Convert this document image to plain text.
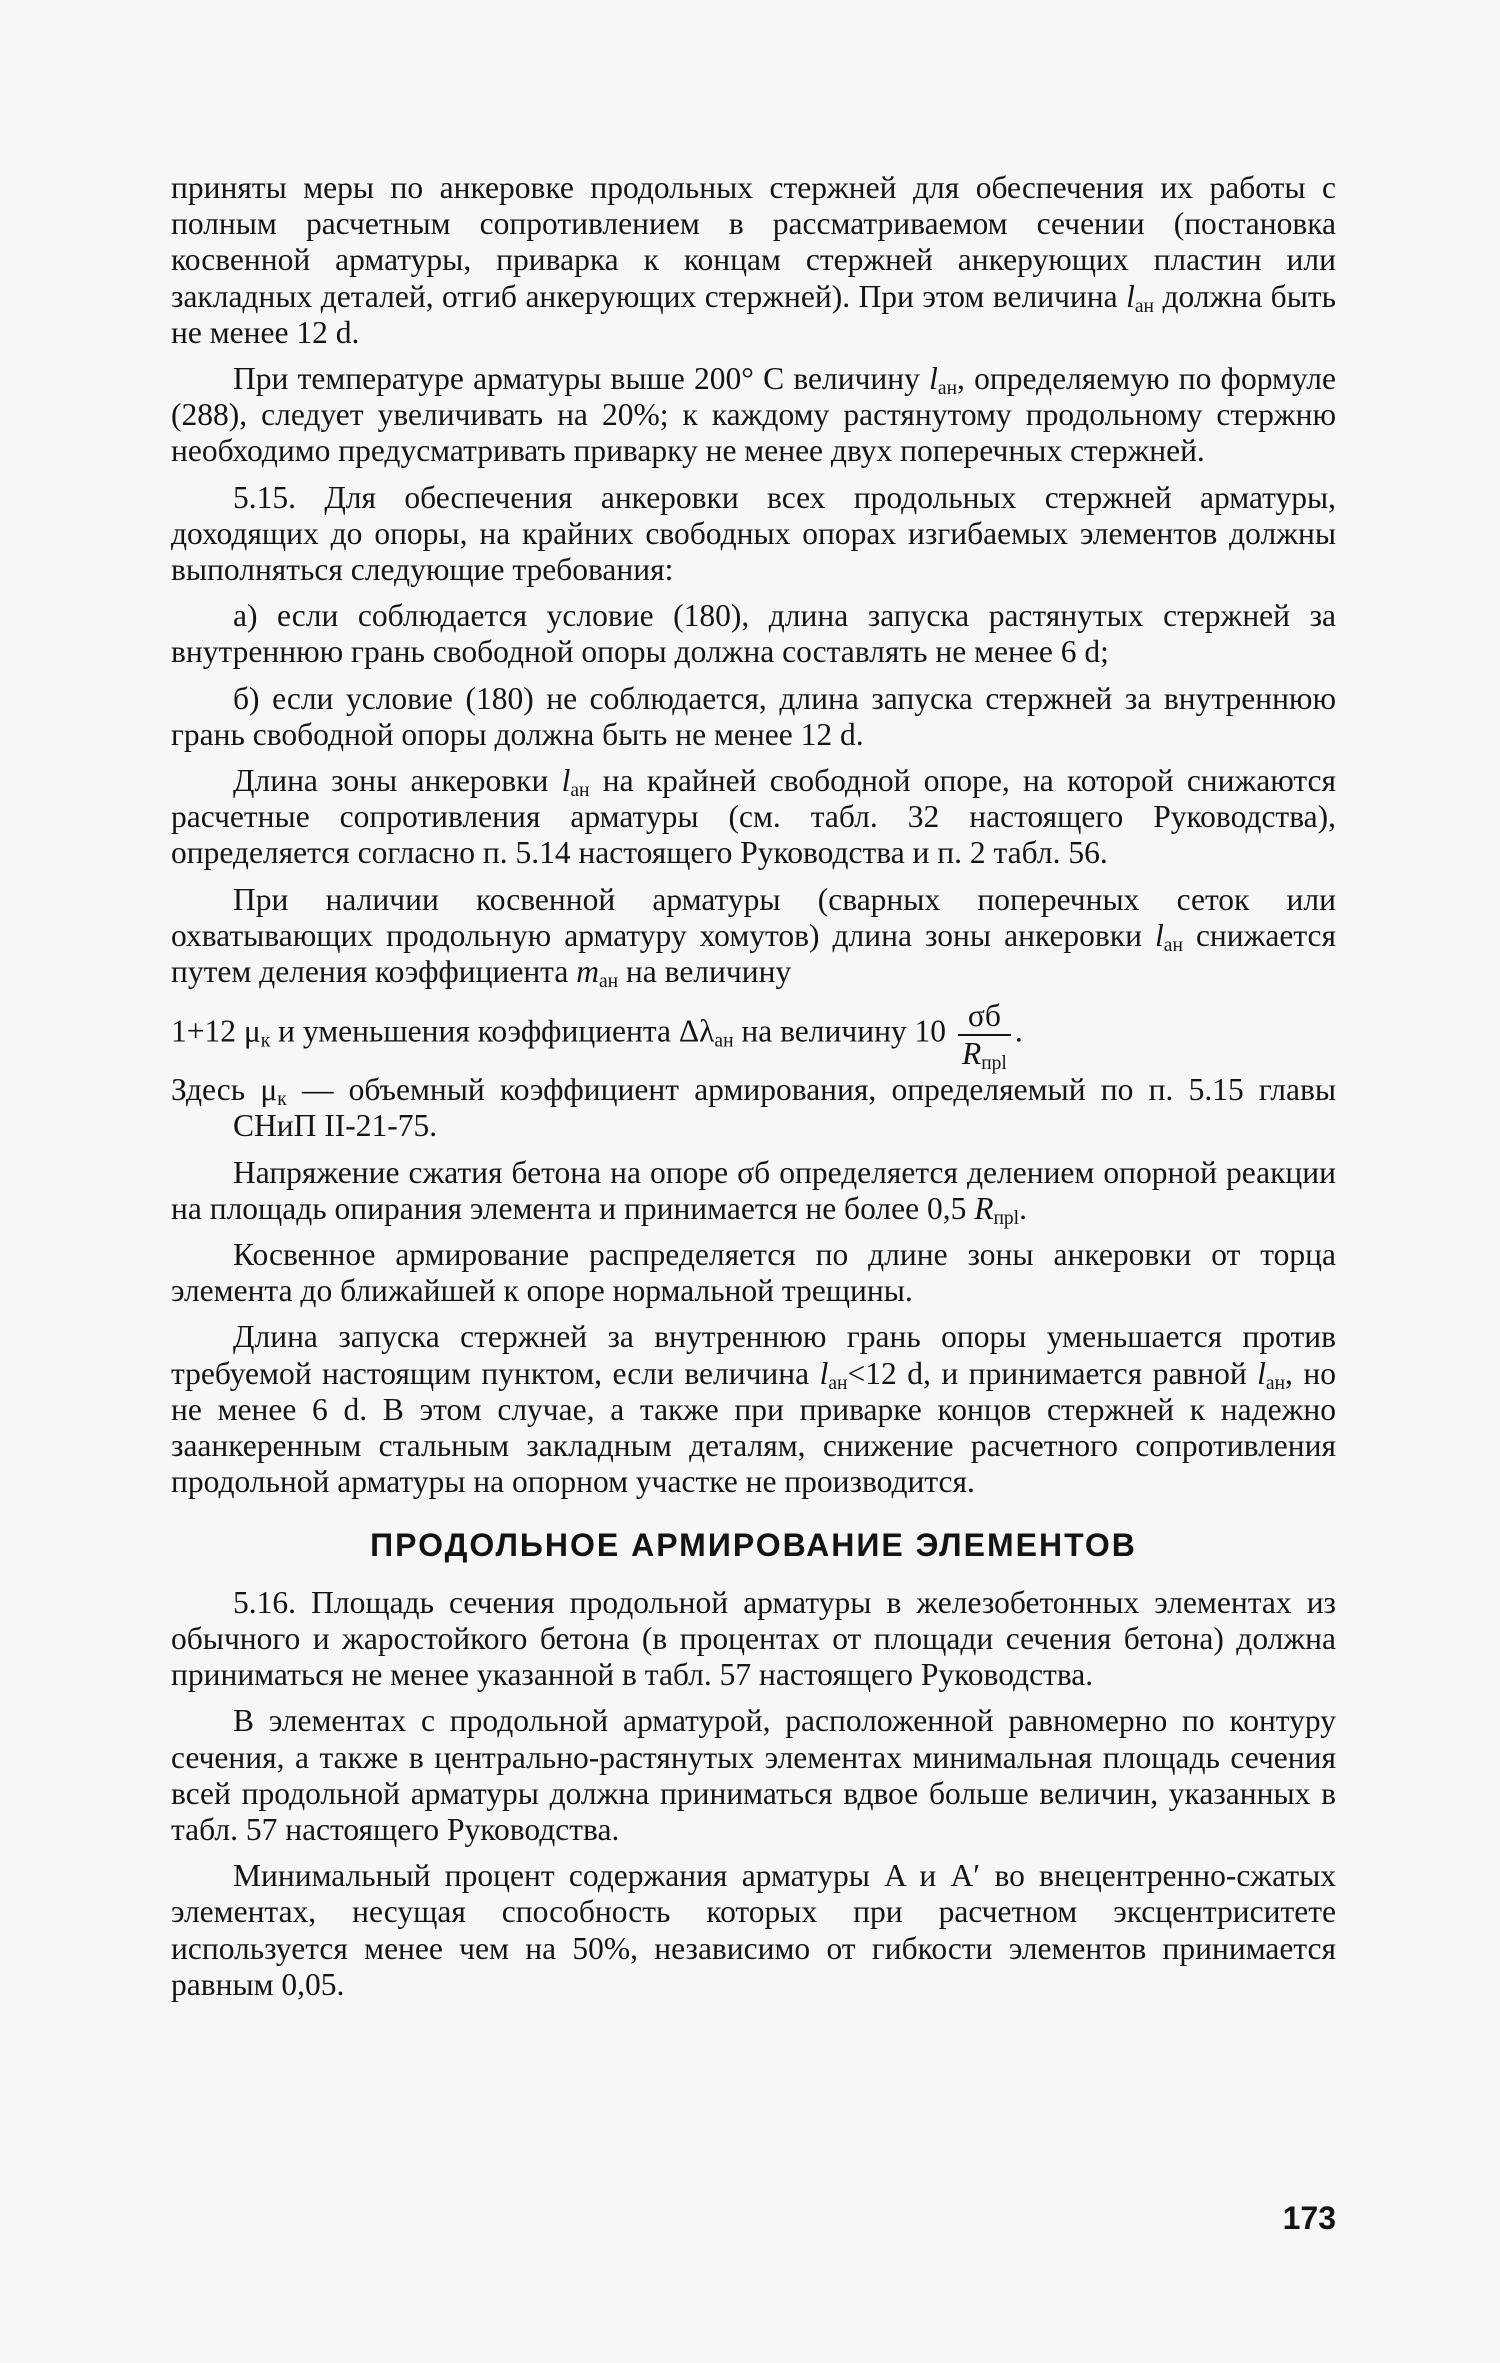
приняты меры по анкеровке продольных стержней для обеспечения их работы с полным расчетным сопротивлением в рассматриваемом сечении (постановка косвенной арматуры, приварка к концам стержней анкерующих пластин или закладных деталей, отгиб анкерующих стержней). При этом величина $l_{ан}$ должна быть не менее 12 d.

При температуре арматуры выше 200° С величину $l_{ан}$, определяемую по формуле (288), следует увеличивать на 20%; к каждому растянутому продольному стержню необходимо предусматривать приварку не менее двух поперечных стержней.

5.15. Для обеспечения анкеровки всех продольных стержней арматуры, доходящих до опоры, на крайних свободных опорах изгибаемых элементов должны выполняться следующие требования:

а) если соблюдается условие (180), длина запуска растянутых стержней за внутреннюю грань свободной опоры должна составлять не менее 6 d;

б) если условие (180) не соблюдается, длина запуска стержней за внутреннюю грань свободной опоры должна быть не менее 12 d.

Длина зоны анкеровки $l_{ан}$ на крайней свободной опоре, на которой снижаются расчетные сопротивления арматуры (см. табл. 32 настоящего Руководства), определяется согласно п. 5.14 настоящего Руководства и п. 2 табл. 56.

При наличии косвенной арматуры (сварных поперечных сеток или охватывающих продольную арматуру хомутов) длина зоны анкеровки $l_{ан}$ снижается путем деления коэффициента $m_{ан}$ на величину

1+12 $\mu_к$ и уменьшения коэффициента $\Delta\lambda_{ан}$ на величину $10 \frac{\sigma б}{R_{прl}}$ .

Здесь $\mu_к$ — объемный коэффициент армирования, определяемый по п. 5.15 главы СНиП II-21-75.

Напряжение сжатия бетона на опоре σб определяется делением опорной реакции на площадь опирания элемента и принимается не более 0,5 $R_{прl}$.

Косвенное армирование распределяется по длине зоны анкеровки от торца элемента до ближайшей к опоре нормальной трещины.

Длина запуска стержней за внутреннюю грань опоры уменьшается против требуемой настоящим пунктом, если величина $l_{ан}<12$ d, и принимается равной $l_{ан}$, но не менее 6 d. В этом случае, а также при приварке концов стержней к надежно заанкеренным стальным закладным деталям, снижение расчетного сопротивления продольной арматуры на опорном участке не производится.

ПРОДОЛЬНОЕ АРМИРОВАНИЕ ЭЛЕМЕНТОВ

5.16. Площадь сечения продольной арматуры в железобетонных элементах из обычного и жаростойкого бетона (в процентах от площади сечения бетона) должна приниматься не менее указанной в табл. 57 настоящего Руководства.

В элементах с продольной арматурой, расположенной равномерно по контуру сечения, а также в центрально-растянутых элементах минимальная площадь сечения всей продольной арматуры должна приниматься вдвое больше величин, указанных в табл. 57 настоящего Руководства.

Минимальный процент содержания арматуры A и A′ во внецентренно-сжатых элементах, несущая способность которых при расчетном эксцентриситете используется менее чем на 50%, независимо от гибкости элементов принимается равным 0,05.

173
